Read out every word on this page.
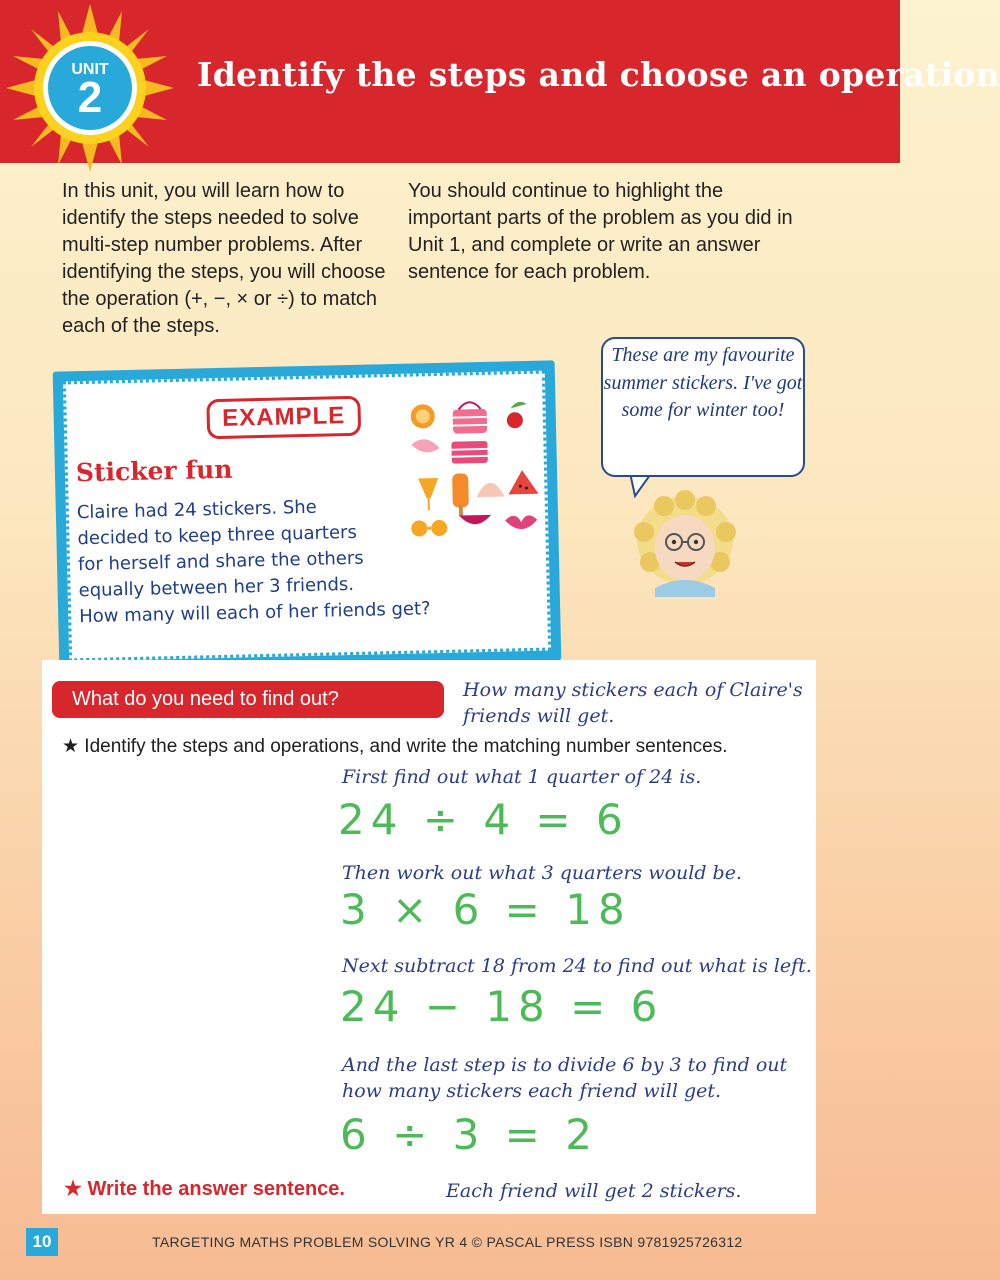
UNIT
2	Identify the steps and choose an operation
In this unit, you will learn how to identify the steps needed to solve multi-step number problems. After identifying the steps, you will choose the operation (+, −, × or ÷) to match each of the steps.
You should continue to highlight the important parts of the problem as you did in Unit 1, and complete or write an answer sentence for each problem.
These are my favourite summer stickers. I've got some for winter too!
EXAMPLE
Sticker fun
Claire had 24 stickers. She decided to keep three quarters for herself and share the others equally between her 3 friends.
How many will each of her friends get?
What do you need to find out?	How many stickers each of Claire's friends will get.
★ Identify the steps and operations, and write the matching number sentences.
First find out what 1 quarter of 24 is.
24 ÷ 4 = 6
Then work out what 3 quarters would be.
3 × 6 = 18
Next subtract 18 from 24 to find out what is left.
24 − 18 = 6
And the last step is to divide 6 by 3 to find out how many stickers each friend will get.
6 ÷ 3 = 2
★ Write the answer sentence.	Each friend will get 2 stickers.
10	TARGETING MATHS PROBLEM SOLVING YR 4 © PASCAL PRESS ISBN 9781925726312
